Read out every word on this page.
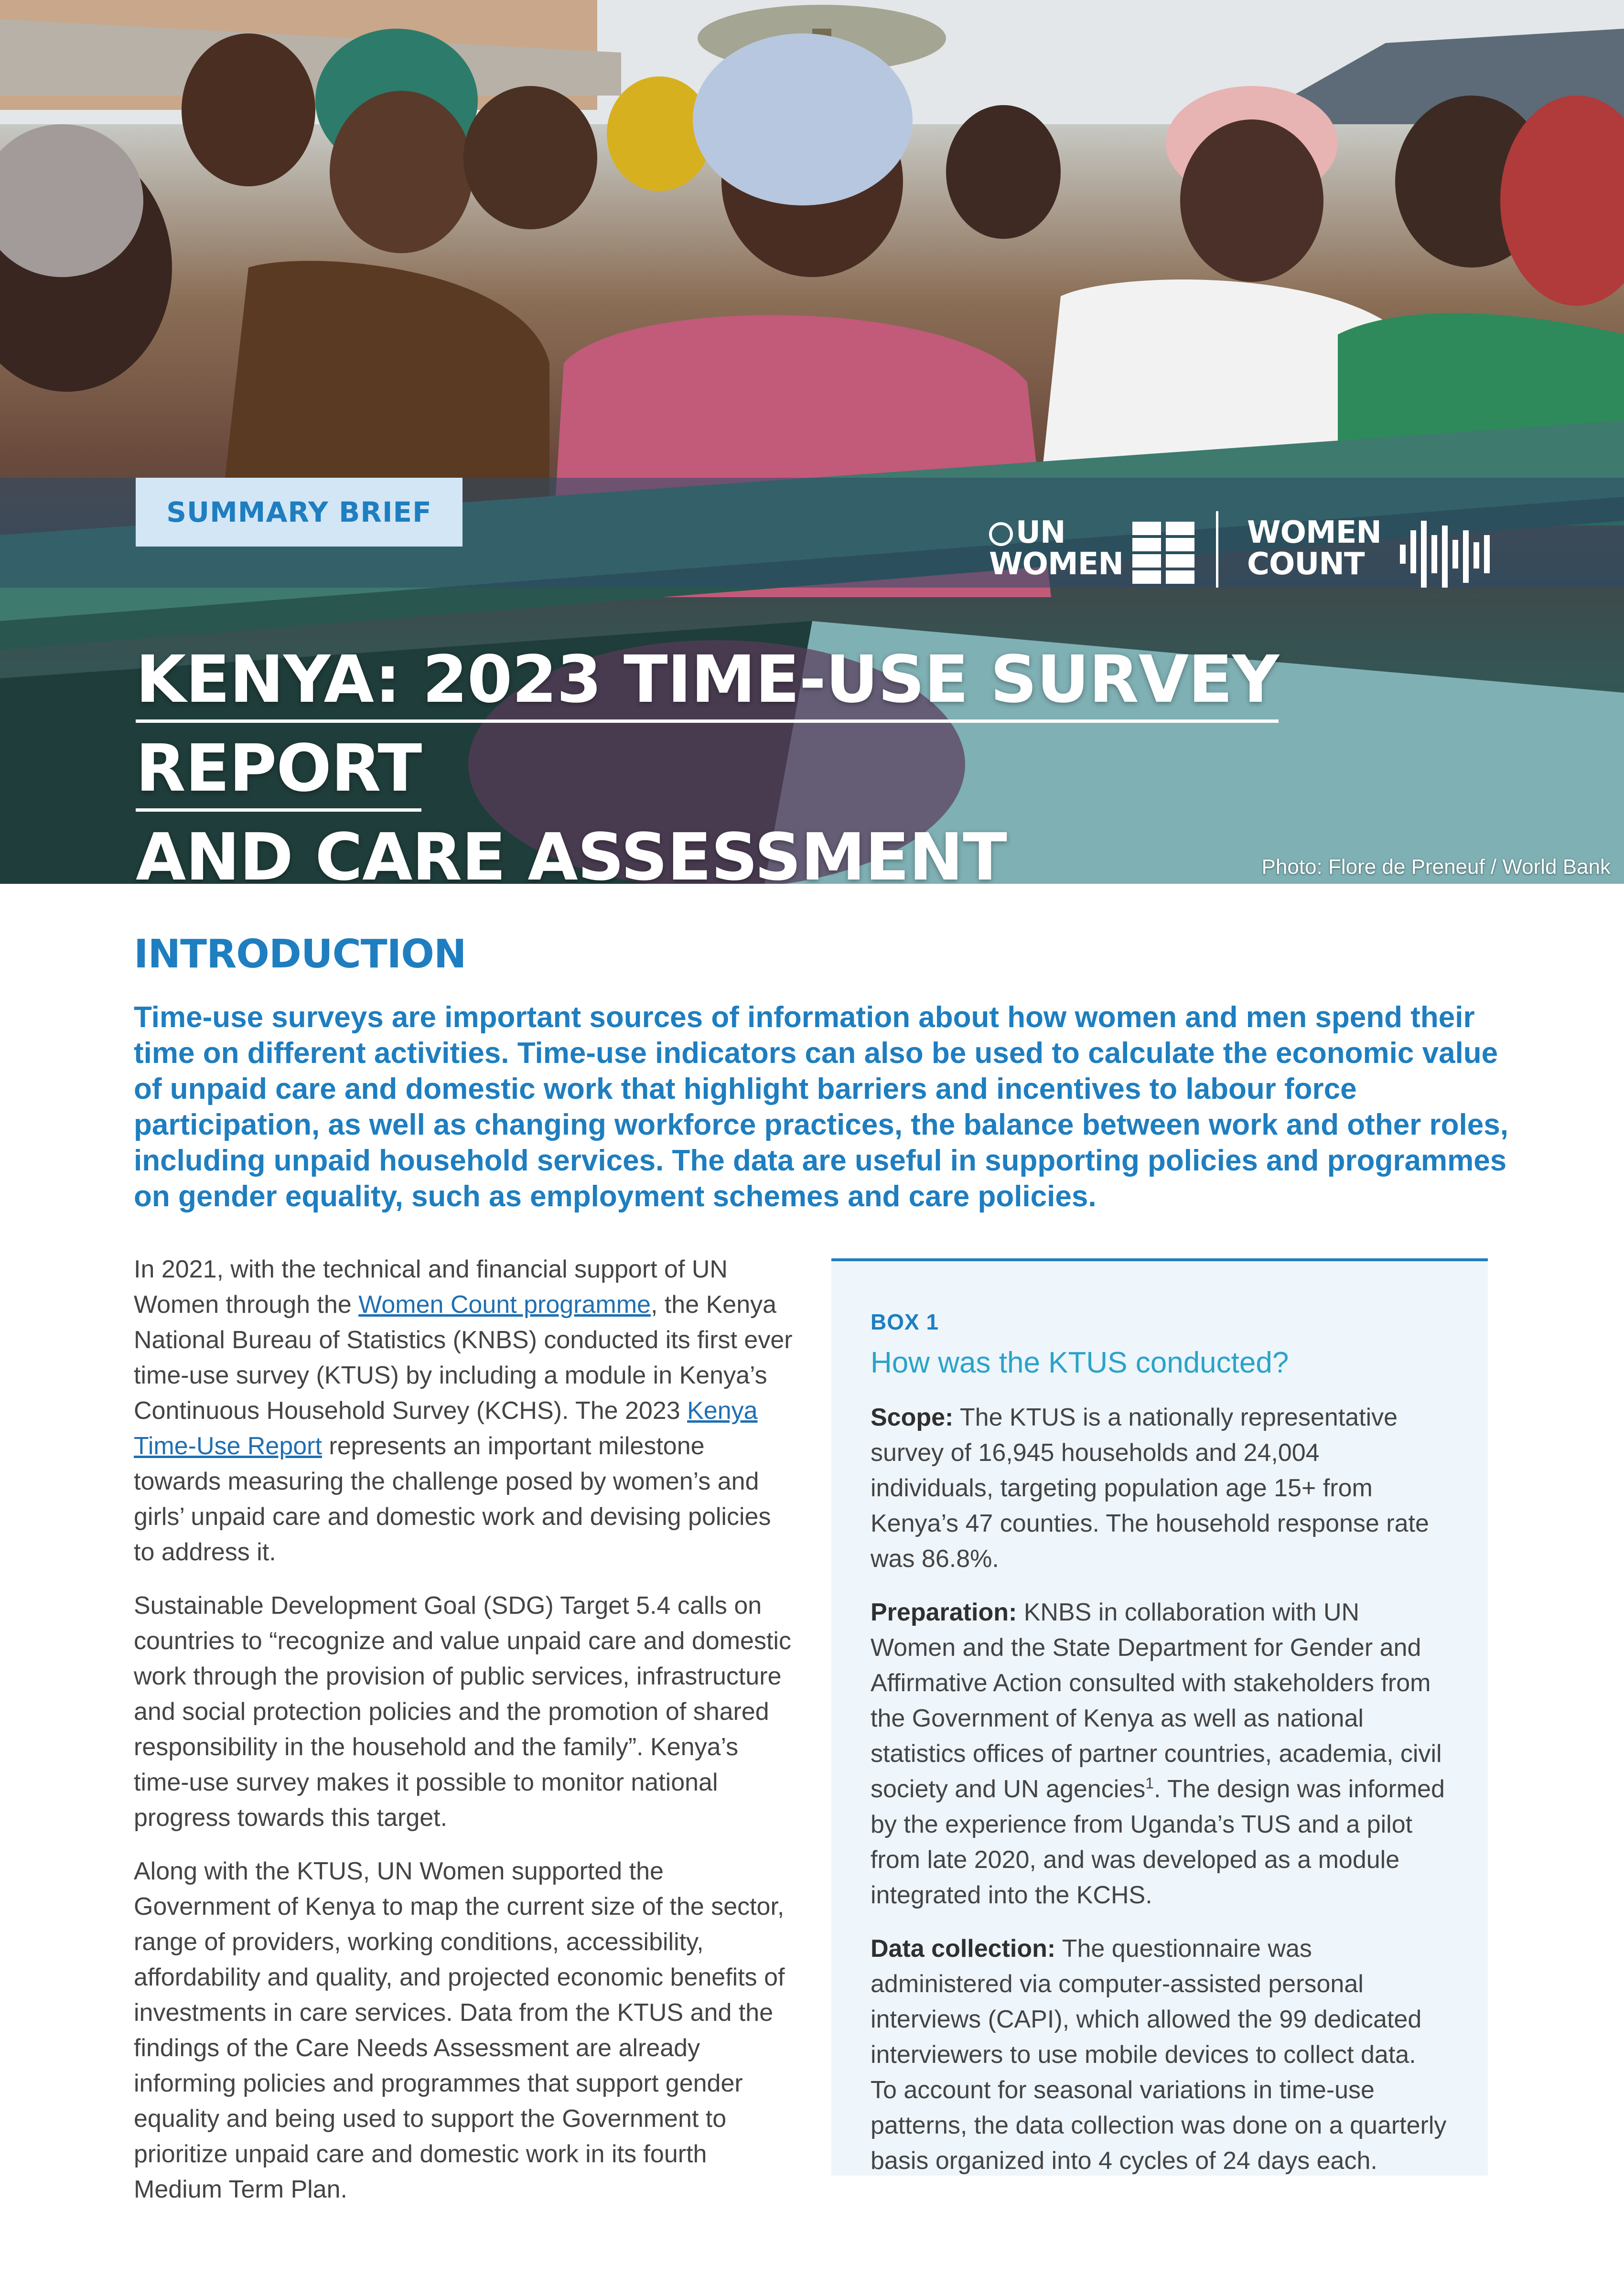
SUMMARY BRIEF
UN
WOMEN
WOMEN
COUNT
KENYA: 2023 TIME-USE SURVEY REPORT
AND CARE ASSESSMENT	Photo: Flore de Preneuf / World Bank
INTRODUCTION

Time-use surveys are important sources of information about how women and men spend their time on different activities. Time-use indicators can also be used to calculate the economic value of unpaid care and domestic work that highlight barriers and incentives to labour force participation, as well as changing workforce practices, the balance between work and other roles, including unpaid household services. The data are useful in supporting policies and programmes on gender equality, such as employment schemes and care policies.

In 2021, with the technical and financial support of UN Women through the Women Count programme, the Kenya National Bureau of Statistics (KNBS) conducted its first ever time-use survey (KTUS) by including a module in Kenya’s Continuous Household Survey (KCHS). The 2023 Kenya Time-Use Report represents an important milestone towards measuring the challenge posed by women’s and girls’ unpaid care and domestic work and devising policies to address it.

Sustainable Development Goal (SDG) Target 5.4 calls on countries to “recognize and value unpaid care and domestic work through the provision of public services, infrastructure and social protection policies and the promotion of shared responsibility in the household and the family”. Kenya’s time-use survey makes it possible to monitor national progress towards this target.

Along with the KTUS, UN Women supported the Government of Kenya to map the current size of the sector, range of providers, working conditions, accessibility, affordability and quality, and projected economic benefits of investments in care services. Data from the KTUS and the findings of the Care Needs Assessment are already informing policies and programmes that support gender equality and being used to support the Government to prioritize unpaid care and domestic work in its fourth Medium Term Plan.

BOX 1

How was the KTUS conducted?

Scope: The KTUS is a nationally representative survey of 16,945 households and 24,004 individuals, targeting population age 15+ from Kenya’s 47 counties. The household response rate was 86.8%.

Preparation: KNBS in collaboration with UN Women and the State Department for Gender and Affirmative Action consulted with stakeholders from the Government of Kenya as well as national statistics offices of partner countries, academia, civil society and UN agencies$^1$. The design was informed by the experience from Uganda’s TUS and a pilot from late 2020, and was developed as a module integrated into the KCHS.

Data collection: The questionnaire was administered via computer-assisted personal interviews (CAPI), which allowed the 99 dedicated interviewers to use mobile devices to collect data. To account for seasonal variations in time-use patterns, the data collection was done on a quarterly basis organized into 4 cycles of 24 days each.
